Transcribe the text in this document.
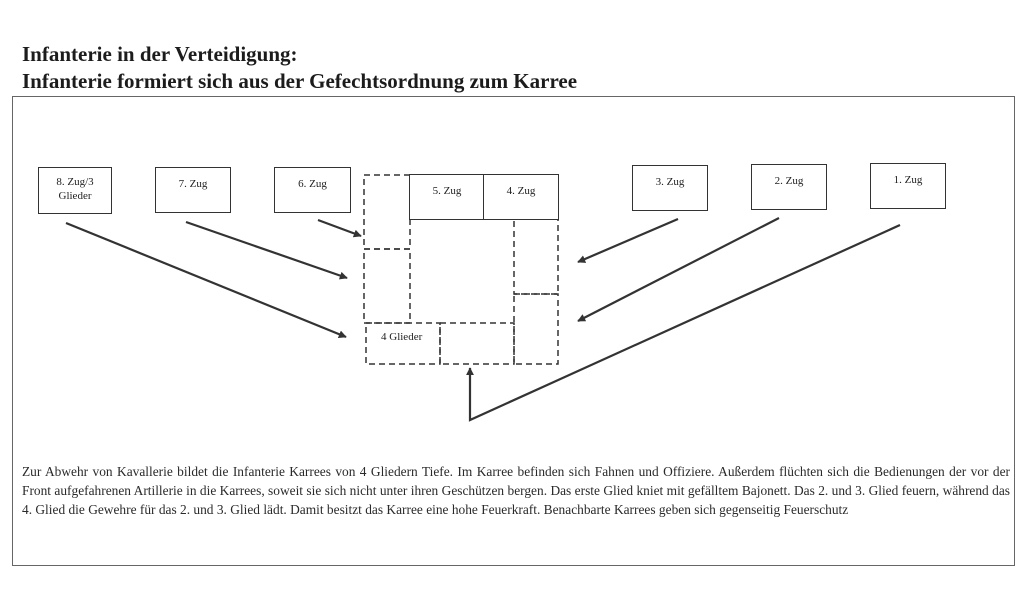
Infanterie in der Verteidigung:
Infanterie formiert sich aus der Gefechtsordnung zum Karree
8. Zug/3
Glieder
7. Zug	6. Zug
5. Zug	4. Zug
3. Zug	2. Zug	1. Zug
4 Glieder
Zur Abwehr von Kavallerie bildet die Infanterie Karrees von 4 Gliedern Tiefe. Im Karree befinden sich Fahnen und Offiziere. Außerdem flüchten sich die Bedienungen der vor der Front aufgefahrenen Artillerie in die Karrees, soweit sie sich nicht unter ihren Geschützen bergen. Das erste Glied kniet mit gefälltem Bajonett. Das 2. und 3. Glied feuern, während das 4. Glied die Gewehre für das 2. und 3. Glied lädt. Damit besitzt das Karree eine hohe Feuerkraft. Benachbarte Karrees geben sich gegenseitig Feuerschutz
